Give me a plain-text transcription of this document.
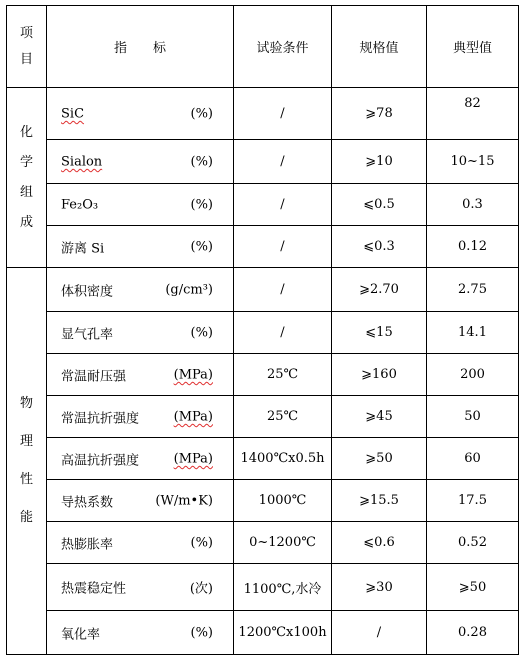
项目	指　　标	试验条件	规格值	典型值

化学组成	SiC (%)	/	⩾78	82

	Sialon (%)	/	⩾10	10~15

	Fe₂O₃ (%)	/	⩽0.5	0.3

	游离 Si (%)	/	⩽0.3	0.12

物理性能	体积密度 (g/cm³)	/	⩾2.70	2.75

	显气孔率 (%)	/	⩽15	14.1

	常温耐压强 (MPa)	25℃	⩾160	200

	常温抗折强度 (MPa)	25℃	⩾45	50

	高温抗折强度 (MPa)	1400℃x0.5h	⩾50	60

	导热系数 (W/m•K)	1000℃	⩾15.5	17.5

	热膨胀率 (%)	0~1200℃	⩽0.6	0.52

	热震稳定性 (次)	1100℃,水冷	⩾30	⩾50

	氧化率 (%)	1200℃x100h	/	0.28
